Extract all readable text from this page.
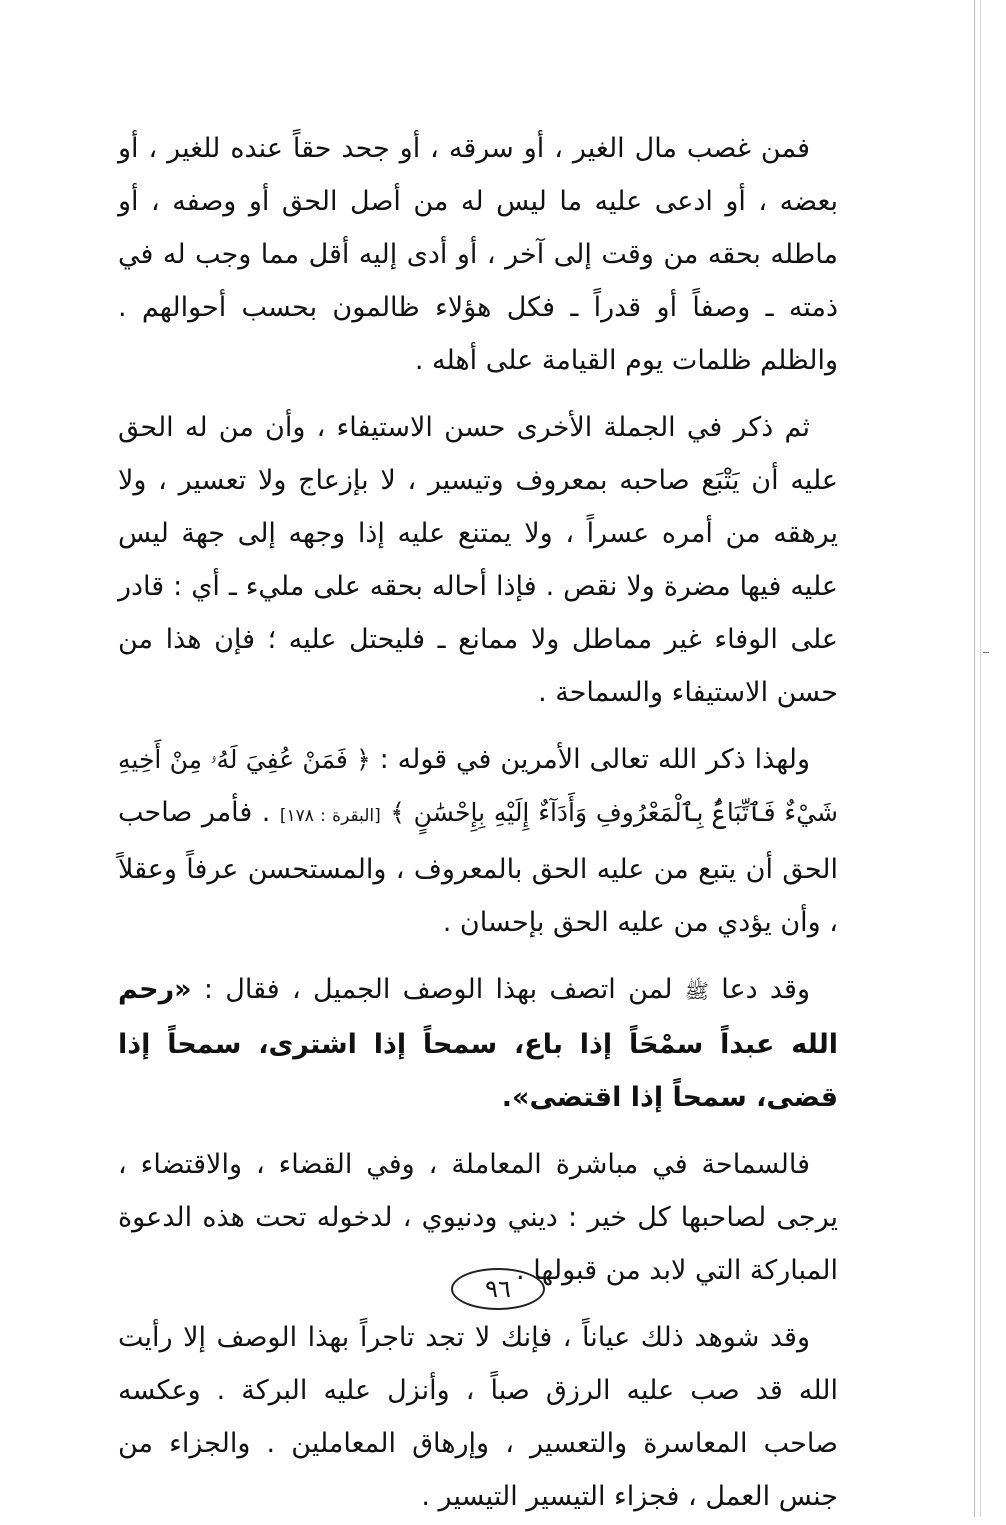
فمن غصب مال الغير ، أو سرقه ، أو جحد حقاً عنده للغير ، أو بعضه ، أو ادعى عليه ما ليس له من أصل الحق أو وصفه ، أو ماطله بحقه من وقت إلى آخر ، أو أدى إليه أقل مما وجب له في ذمته ـ وصفاً أو قدراً ـ فكل هؤلاء ظالمون بحسب أحوالهم . والظلم ظلمات يوم القيامة على أهله .

ثم ذكر في الجملة الأخرى حسن الاستيفاء ، وأن من له الحق عليه أن يَتْبَع صاحبه بمعروف وتيسير ، لا بإزعاج ولا تعسير ، ولا يرهقه من أمره عسراً ، ولا يمتنع عليه إذا وجهه إلى جهة ليس عليه فيها مضرة ولا نقص . فإذا أحاله بحقه على مليء ـ أي : قادر على الوفاء غير مماطل ولا ممانع ـ فليحتل عليه ؛ فإن هذا من حسن الاستيفاء والسماحة .

ولهذا ذكر الله تعالى الأمرين في قوله : ﴿ فَمَنْ عُفِيَ لَهُۥ مِنْ أَخِيهِ شَيْءٌ فَٱتِّبَاعٌۢ بِٱلْمَعْرُوفِ وَأَدَآءٌ إِلَيْهِ بِإِحْسَٰنٍ ﴾ [البقرة : ١٧٨] . فأمر صاحب الحق أن يتبع من عليه الحق بالمعروف ، والمستحسن عرفاً وعقلاً ، وأن يؤدي من عليه الحق بإحسان .

وقد دعا ﷺ لمن اتصف بهذا الوصف الجميل ، فقال : «رحم الله عبداً سمْحَاً إذا باع، سمحاً إذا اشترى، سمحاً إذا قضى، سمحاً إذا اقتضى».

فالسماحة في مباشرة المعاملة ، وفي القضاء ، والاقتضاء ، يرجى لصاحبها كل خير : ديني ودنيوي ، لدخوله تحت هذه الدعوة المباركة التي لابد من قبولها .

وقد شوهد ذلك عياناً ، فإنك لا تجد تاجراً بهذا الوصف إلا رأيت الله قد صب عليه الرزق صباً ، وأنزل عليه البركة . وعكسه صاحب المعاسرة والتعسير ، وإرهاق المعاملين . والجزاء من جنس العمل ، فجزاء التيسير التيسير .

٩٦
